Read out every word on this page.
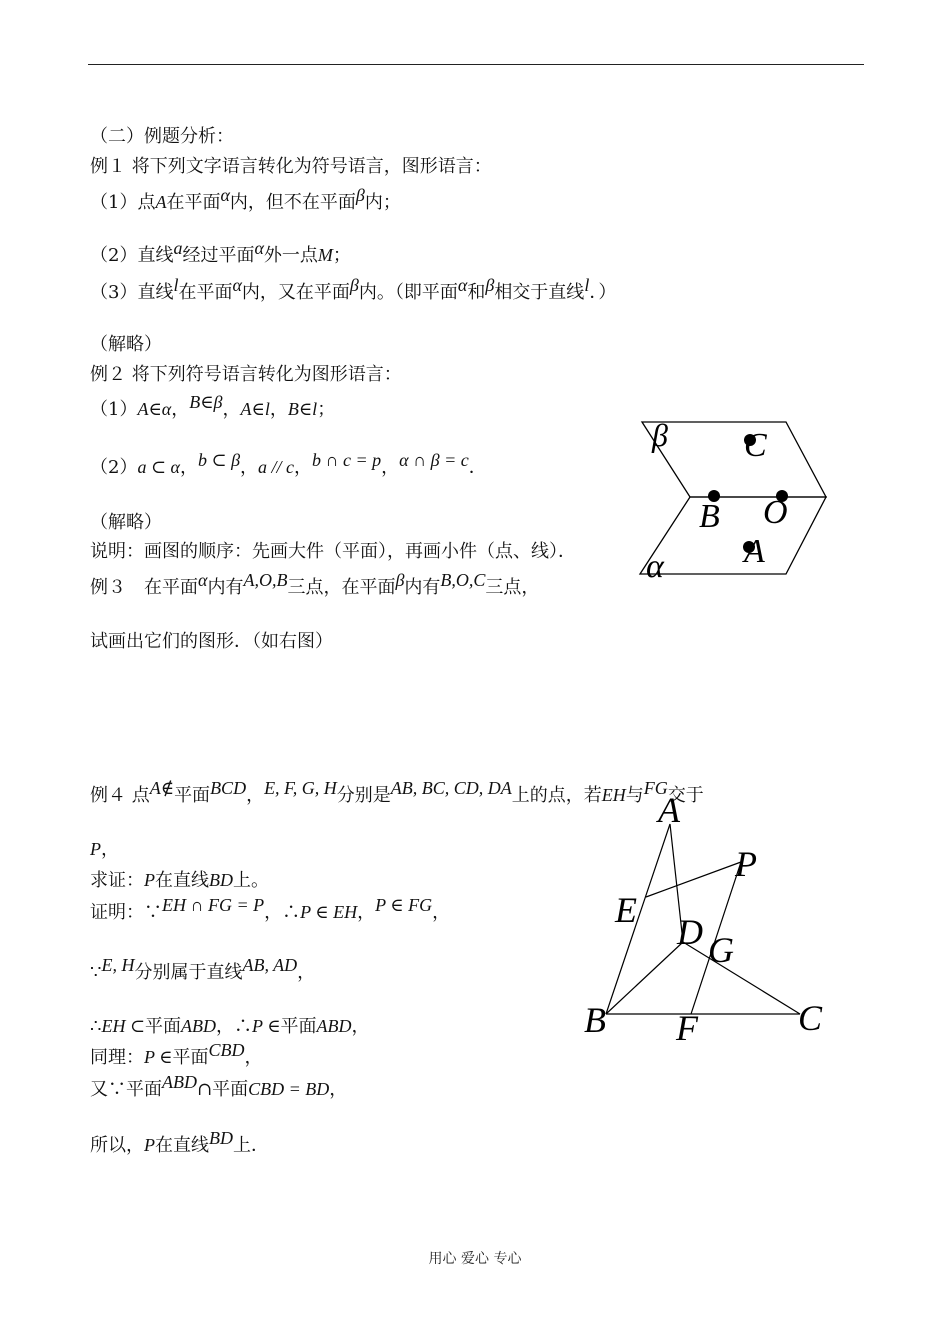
（二）例题分析：
例１ 将下列文字语言转化为符号语言，图形语言：
（1）点A在平面α内，但不在平面β内；
（2）直线a经过平面α外一点M；
（3）直线l在平面α内，又在平面β内。（即平面α和β相交于直线l．）
（解略）
例２ 将下列符号语言转化为图形语言：
（1）A∈α，B∈β，A∈l，B∈l；
（2）a ⊂ α，b ⊂ β，a // c，b ∩ c = p，α ∩ β = c．
（解略）
说明：画图的顺序：先画大件（平面），再画小件（点、线）．
例３　在平面α内有A,O,B三点，在平面β内有B,O,C三点，
试画出它们的图形．（如右图）
例４ 点A∉平面BCD，E, F, G, H分别是AB, BC, CD, DA上的点，若EH与FG交于
P，
求证：P在直线BD上。
证明：∵EH ∩ FG = P，∴P ∈ EH，P ∈ FG，
∵E, H分别属于直线AB, AD，
∴EH ⊂平面ABD，∴P ∈平面ABD，
同理：P ∈平面CBD，
又∵平面ABD∩平面CBD = BD，
所以，P在直线BD上．
β C
B O
A
α
A
P
E
D G
B F	C
用心 爱心 专心
